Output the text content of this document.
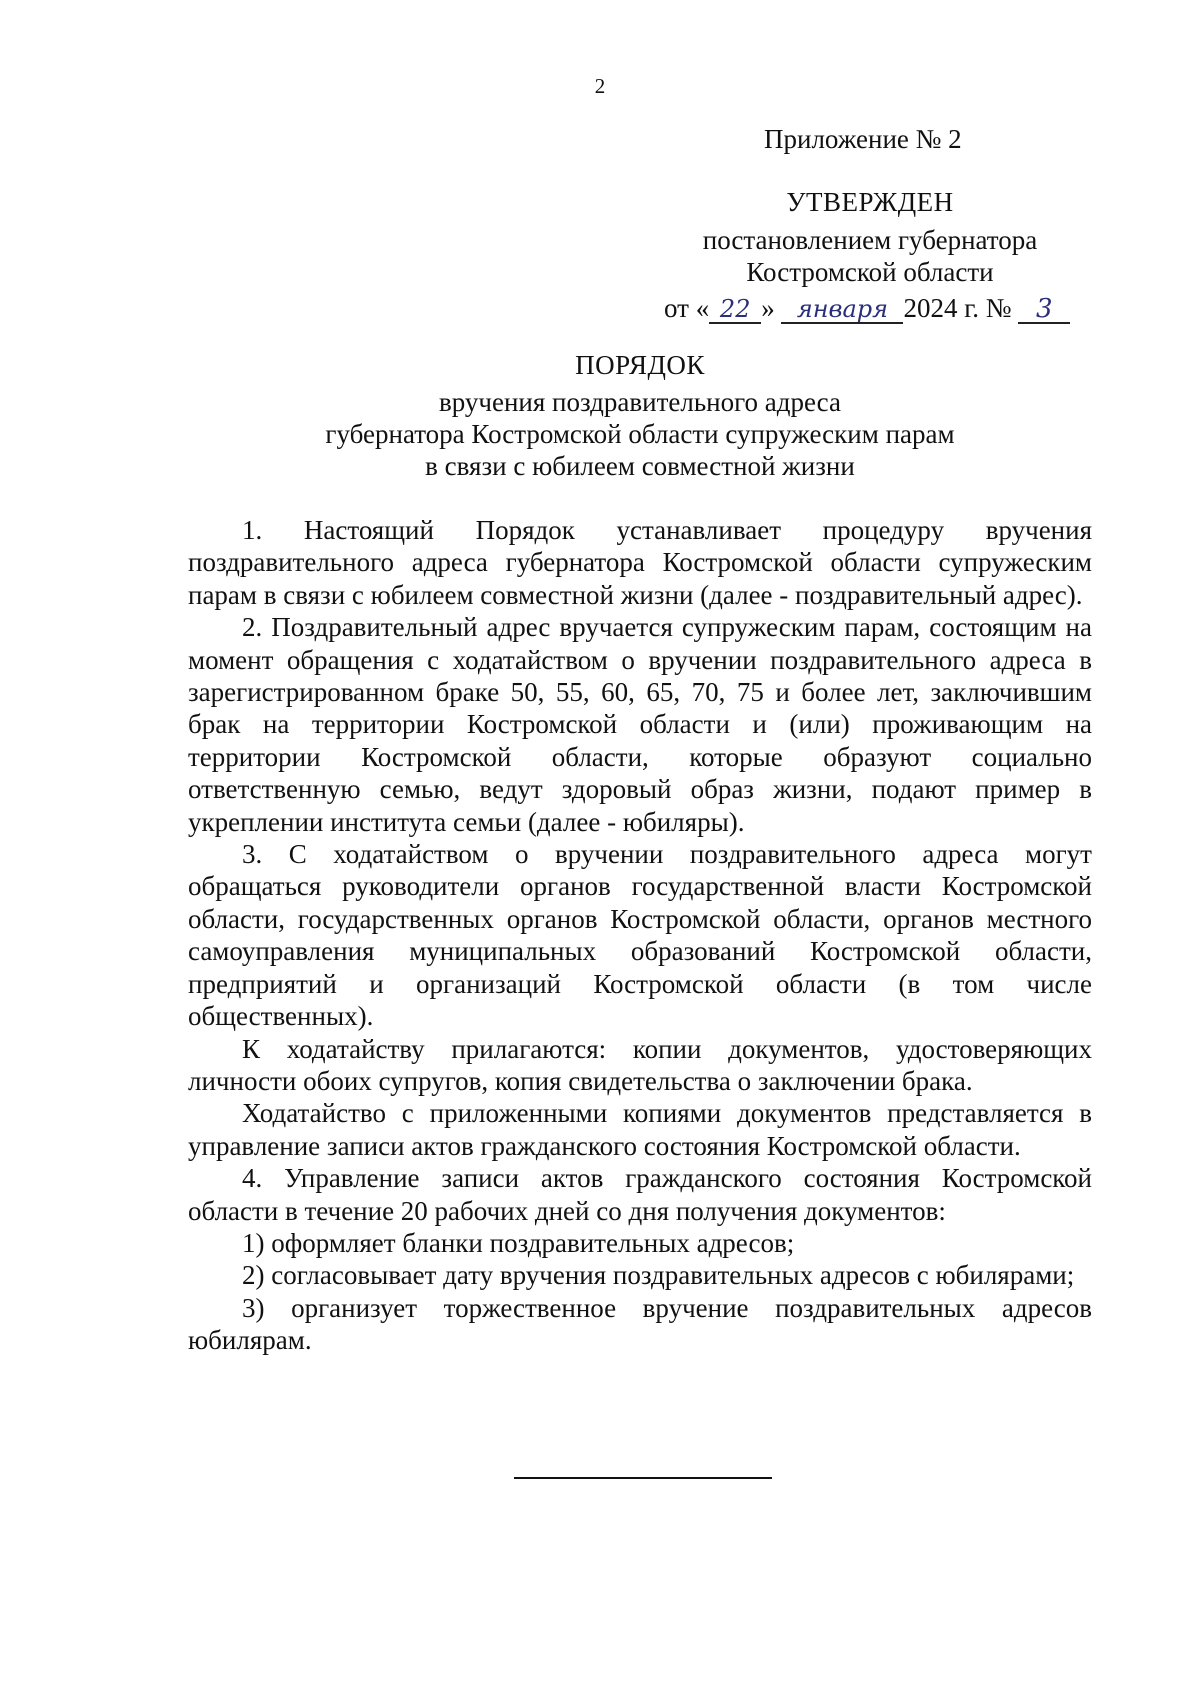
2
Приложение № 2
УТВЕРЖДЕН
постановлением губернатора
Костромской области
от « 22 » января 2024 г. № 3
ПОРЯДОК
вручения поздравительного адреса
губернатора Костромской области супружеским парам
в связи с юбилеем совместной жизни

1. Настоящий Порядок устанавливает процедуру вручения поздравительного адреса губернатора Костромской области супружеским парам в связи с юбилеем совместной жизни (далее - поздравительный адрес).

2. Поздравительный адрес вручается супружеским парам, состоящим на момент обращения с ходатайством о вручении поздравительного адреса в зарегистрированном браке 50, 55, 60, 65, 70, 75 и более лет, заключившим брак на территории Костромской области и (или) проживающим на территории Костромской области, которые образуют социально ответственную семью, ведут здоровый образ жизни, подают пример в укреплении института семьи (далее - юбиляры).

3. С ходатайством о вручении поздравительного адреса могут обращаться руководители органов государственной власти Костромской области, государственных органов Костромской области, органов местного самоуправления муниципальных образований Костромской области, предприятий и организаций Костромской области (в том числе общественных).

К ходатайству прилагаются: копии документов, удостоверяющих личности обоих супругов, копия свидетельства о заключении брака.

Ходатайство с приложенными копиями документов представляется в управление записи актов гражданского состояния Костромской области.

4. Управление записи актов гражданского состояния Костромской области в течение 20 рабочих дней со дня получения документов:

1) оформляет бланки поздравительных адресов;

2) согласовывает дату вручения поздравительных адресов с юбилярами;

3) организует торжественное вручение поздравительных адресов юбилярам.
